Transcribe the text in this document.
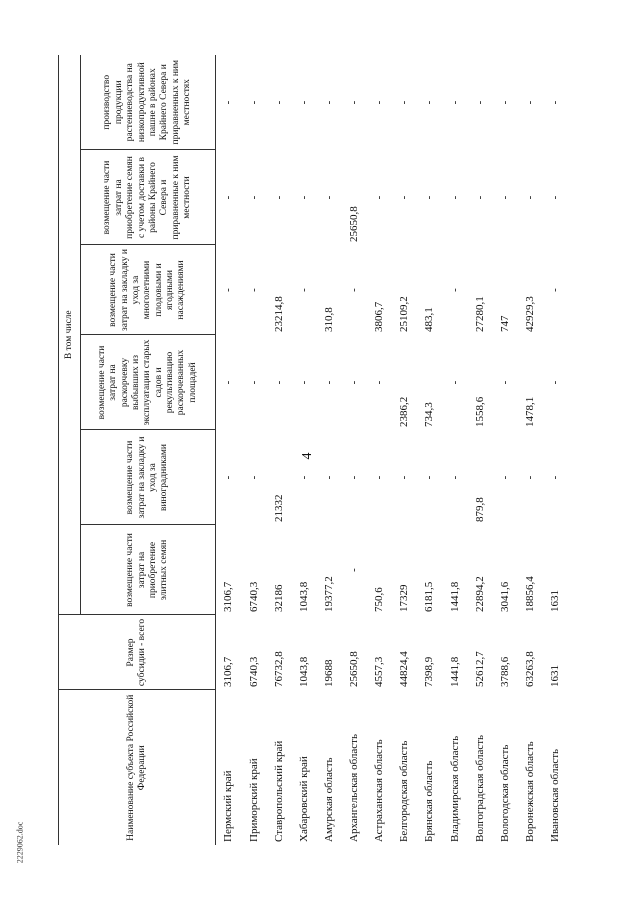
4
2229062.doc
Наименование субъекта Российской Федерации	Размер субсидии - всего	В том числе					
		возмещение части затрат на приобретение элитных семян	возмещение части затрат на закладку и уход за виноградниками	возмещение части затрат на раскорчевку выбывших из эксплуатации старых садов и рекультивацию раскорчеванных площадей	возмещение части затрат на закладку и уход за многолетними плодовыми и ягодными насаждениями	возмещение части затрат на приобретение семян с учетом доставки в районы Крайнего Севера и приравненные к ним местности	производство продукции растениеводства на низкопродуктивной пашне в районах Крайнего Севера и приравненных к ним местностях
Пермский край	3106,7	3106,7	-	-	-	-	-
Приморский край	6740,3	6740,3	-	-	-	-	-
Ставропольский край	76732,8	32186	21332	-	23214,8	-	-
Хабаровский край	1043,8	1043,8	-	-	-	-	-
Амурская область	19688	19377,2	-	-	310,8	-	-
Архангельская область	25650,8	-	-	-	-	25650,8	-
Астраханская область	4557,3	750,6	-	-	3806,7	-	-
Белгородская область	44824,4	17329	-	2386,2	25109,2	-	-
Брянская область	7398,9	6181,5	-	734,3	483,1	-	-
Владимирская область	1441,8	1441,8	-	-	-	-	-
Волгоградская область	52612,7	22894,2	879,8	1558,6	27280,1	-	-
Вологодская область	3788,6	3041,6	-	-	747	-	-
Воронежская область	63263,8	18856,4	-	1478,1	42929,3	-	-
Ивановская область	1631	1631	-	-	-	-	-
